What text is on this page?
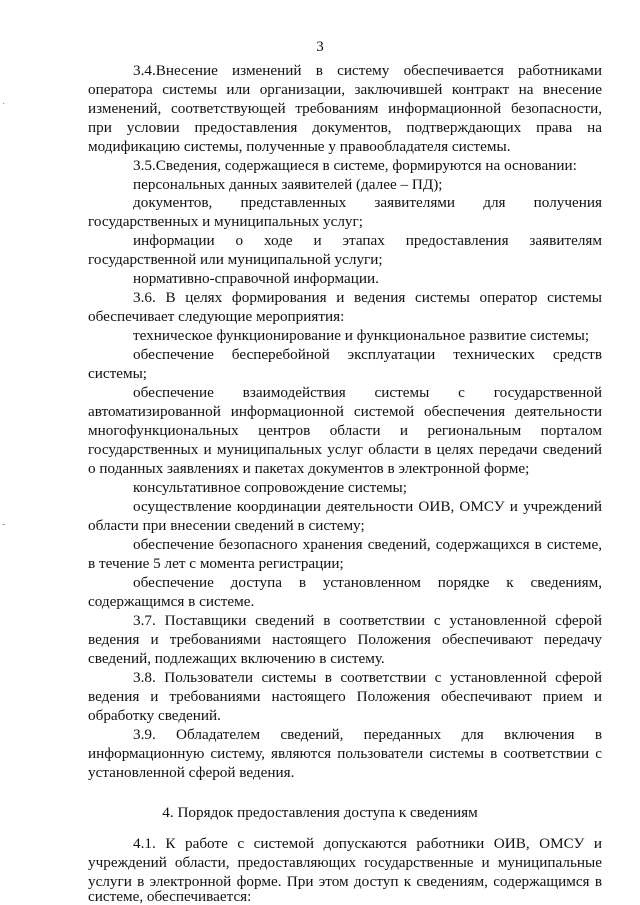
·
-
3
3.4.Внесение изменений в систему обеспечивается работниками
оператора системы или организации, заключившей контракт на внесение
изменений, соответствующей требованиям информационной безопасности,
при условии предоставления документов, подтверждающих права на
модификацию системы, полученные у правообладателя системы.
3.5.Сведения, содержащиеся в системе, формируются на основании:
персональных данных заявителей (далее – ПД);
документов, представленных заявителями для получения
государственных и муниципальных услуг;
информации о ходе и этапах предоставления заявителям
государственной или муниципальной услуги;
нормативно-справочной информации.
3.6. В целях формирования и ведения системы оператор системы
обеспечивает следующие мероприятия:
техническое функционирование и функциональное развитие системы;
обеспечение бесперебойной эксплуатации технических средств
системы;
обеспечение взаимодействия системы с государственной
автоматизированной информационной системой обеспечения деятельности
многофункциональных центров области и региональным порталом
государственных и муниципальных услуг области в целях передачи сведений
о поданных заявлениях и пакетах документов в электронной форме;
консультативное сопровождение системы;
осуществление координации деятельности ОИВ, ОМСУ и учреждений
области при внесении сведений в систему;
обеспечение безопасного хранения сведений, содержащихся в системе,
в течение 5 лет с момента регистрации;
обеспечение доступа в установленном порядке к сведениям,
содержащимся в системе.
3.7. Поставщики сведений в соответствии с установленной сферой
ведения и требованиями настоящего Положения обеспечивают передачу
сведений, подлежащих включению в систему.
3.8. Пользователи системы в соответствии с установленной сферой
ведения и требованиями настоящего Положения обеспечивают прием и
обработку сведений.
3.9. Обладателем сведений, переданных для включения в
информационную систему, являются пользователи системы в соответствии с
установленной сферой ведения.
4. Порядок предоставления доступа к сведениям
4.1. К работе с системой допускаются работники ОИВ, ОМСУ и
учреждений области, предоставляющих государственные и муниципальные
услуги в электронной форме. При этом доступ к сведениям, содержащимся в
системе, обеспечивается:
